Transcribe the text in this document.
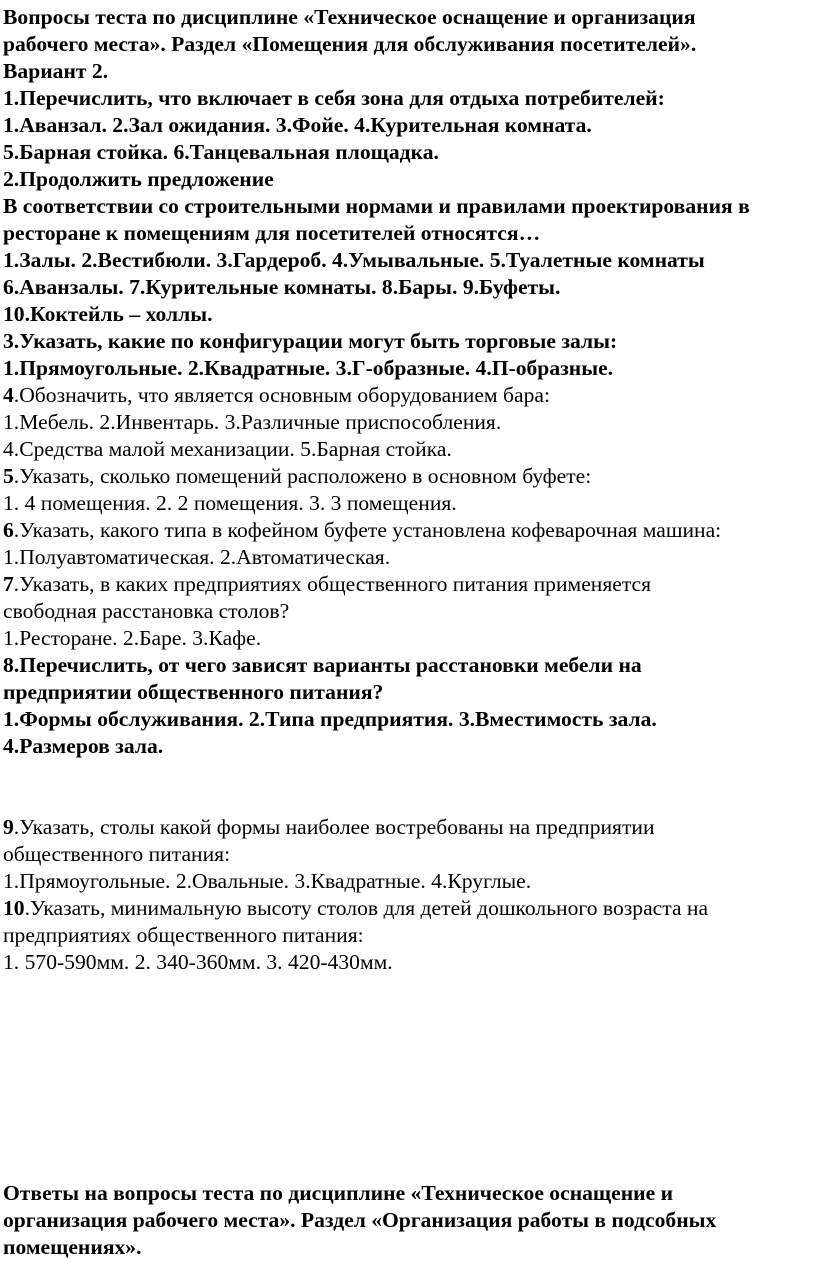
Вопросы теста по дисциплине «Техническое оснащение и организация

рабочего места». Раздел «Помещения для обслуживания посетителей».

Вариант 2.

1.Перечислить, что включает в себя зона для отдыха потребителей:

1.Аванзал. 2.Зал ожидания. 3.Фойе. 4.Курительная комната.

5.Барная стойка. 6.Танцевальная площадка.

2.Продолжить предложение

В соответствии со строительными нормами и правилами проектирования в

ресторане к помещениям для посетителей относятся…

1.Залы. 2.Вестибюли. 3.Гардероб. 4.Умывальные. 5.Туалетные комнаты

6.Аванзалы. 7.Курительные комнаты. 8.Бары. 9.Буфеты.

10.Коктейль – холлы.

3.Указать, какие по конфигурации могут быть торговые залы:

1.Прямоугольные. 2.Квадратные. 3.Г-образные. 4.П-образные.

4.Обозначить, что является основным оборудованием бара:

1.Мебель. 2.Инвентарь. 3.Различные приспособления.

4.Средства малой механизации. 5.Барная стойка.

5.Указать, сколько помещений расположено в основном буфете:

1. 4 помещения. 2. 2 помещения. 3. 3 помещения.

6.Указать, какого типа в кофейном буфете установлена кофеварочная машина:

1.Полуавтоматическая. 2.Автоматическая.

7.Указать, в каких предприятиях общественного питания применяется

свободная расстановка столов?

1.Ресторане. 2.Баре. 3.Кафе.

8.Перечислить, от чего зависят варианты расстановки мебели на

предприятии общественного питания?

1.Формы обслуживания. 2.Типа предприятия. 3.Вместимость зала.

4.Размеров зала.

9.Указать, столы какой формы наиболее востребованы на предприятии

общественного питания:

1.Прямоугольные. 2.Овальные. 3.Квадратные. 4.Круглые.

10.Указать, минимальную высоту столов для детей дошкольного возраста на

предприятиях общественного питания:

1. 570-590мм. 2. 340-360мм. 3. 420-430мм.

Ответы на вопросы теста по дисциплине «Техническое оснащение и

организация рабочего места». Раздел «Организация работы в подсобных

помещениях».
